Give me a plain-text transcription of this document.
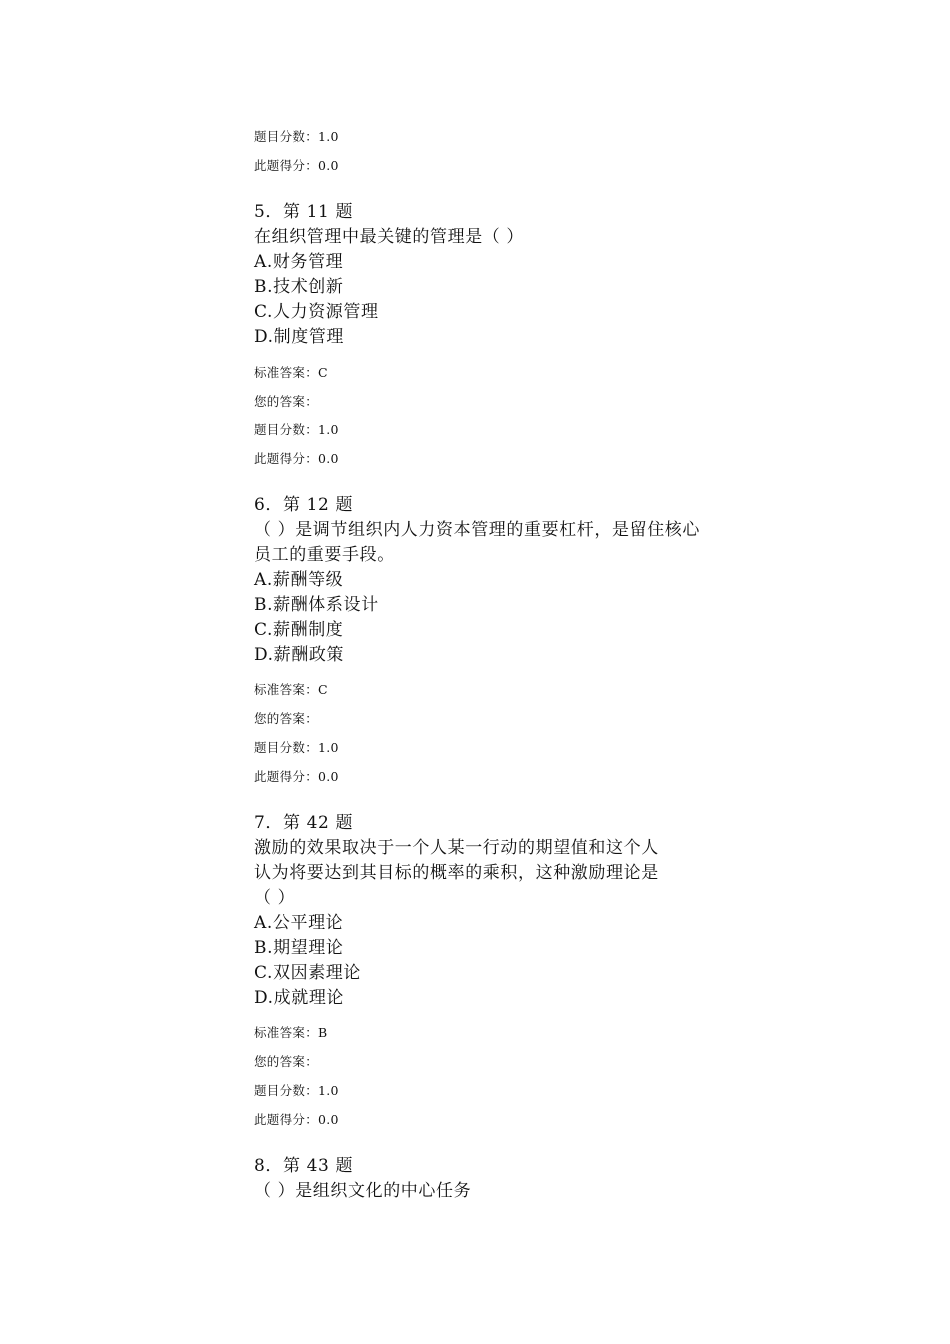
题目分数：1.0
此题得分：0.0
5．第 11 题
在组织管理中最关键的管理是（ ）
A.财务管理
B.技术创新
C.人力资源管理
D.制度管理
标准答案：C
您的答案：
题目分数：1.0
此题得分：0.0
6．第 12 题
（ ）是调节组织内人力资本管理的重要杠杆，是留住核心员工的重要手段。
A.薪酬等级
B.薪酬体系设计
C.薪酬制度
D.薪酬政策
标准答案：C
您的答案：
题目分数：1.0
此题得分：0.0
7．第 42 题
激励的效果取决于一个人某一行动的期望值和这个人
认为将要达到其目标的概率的乘积，这种激励理论是
（ ）
A.公平理论
B.期望理论
C.双因素理论
D.成就理论
标准答案：B
您的答案：
题目分数：1.0
此题得分：0.0
8．第 43 题
（ ）是组织文化的中心任务
